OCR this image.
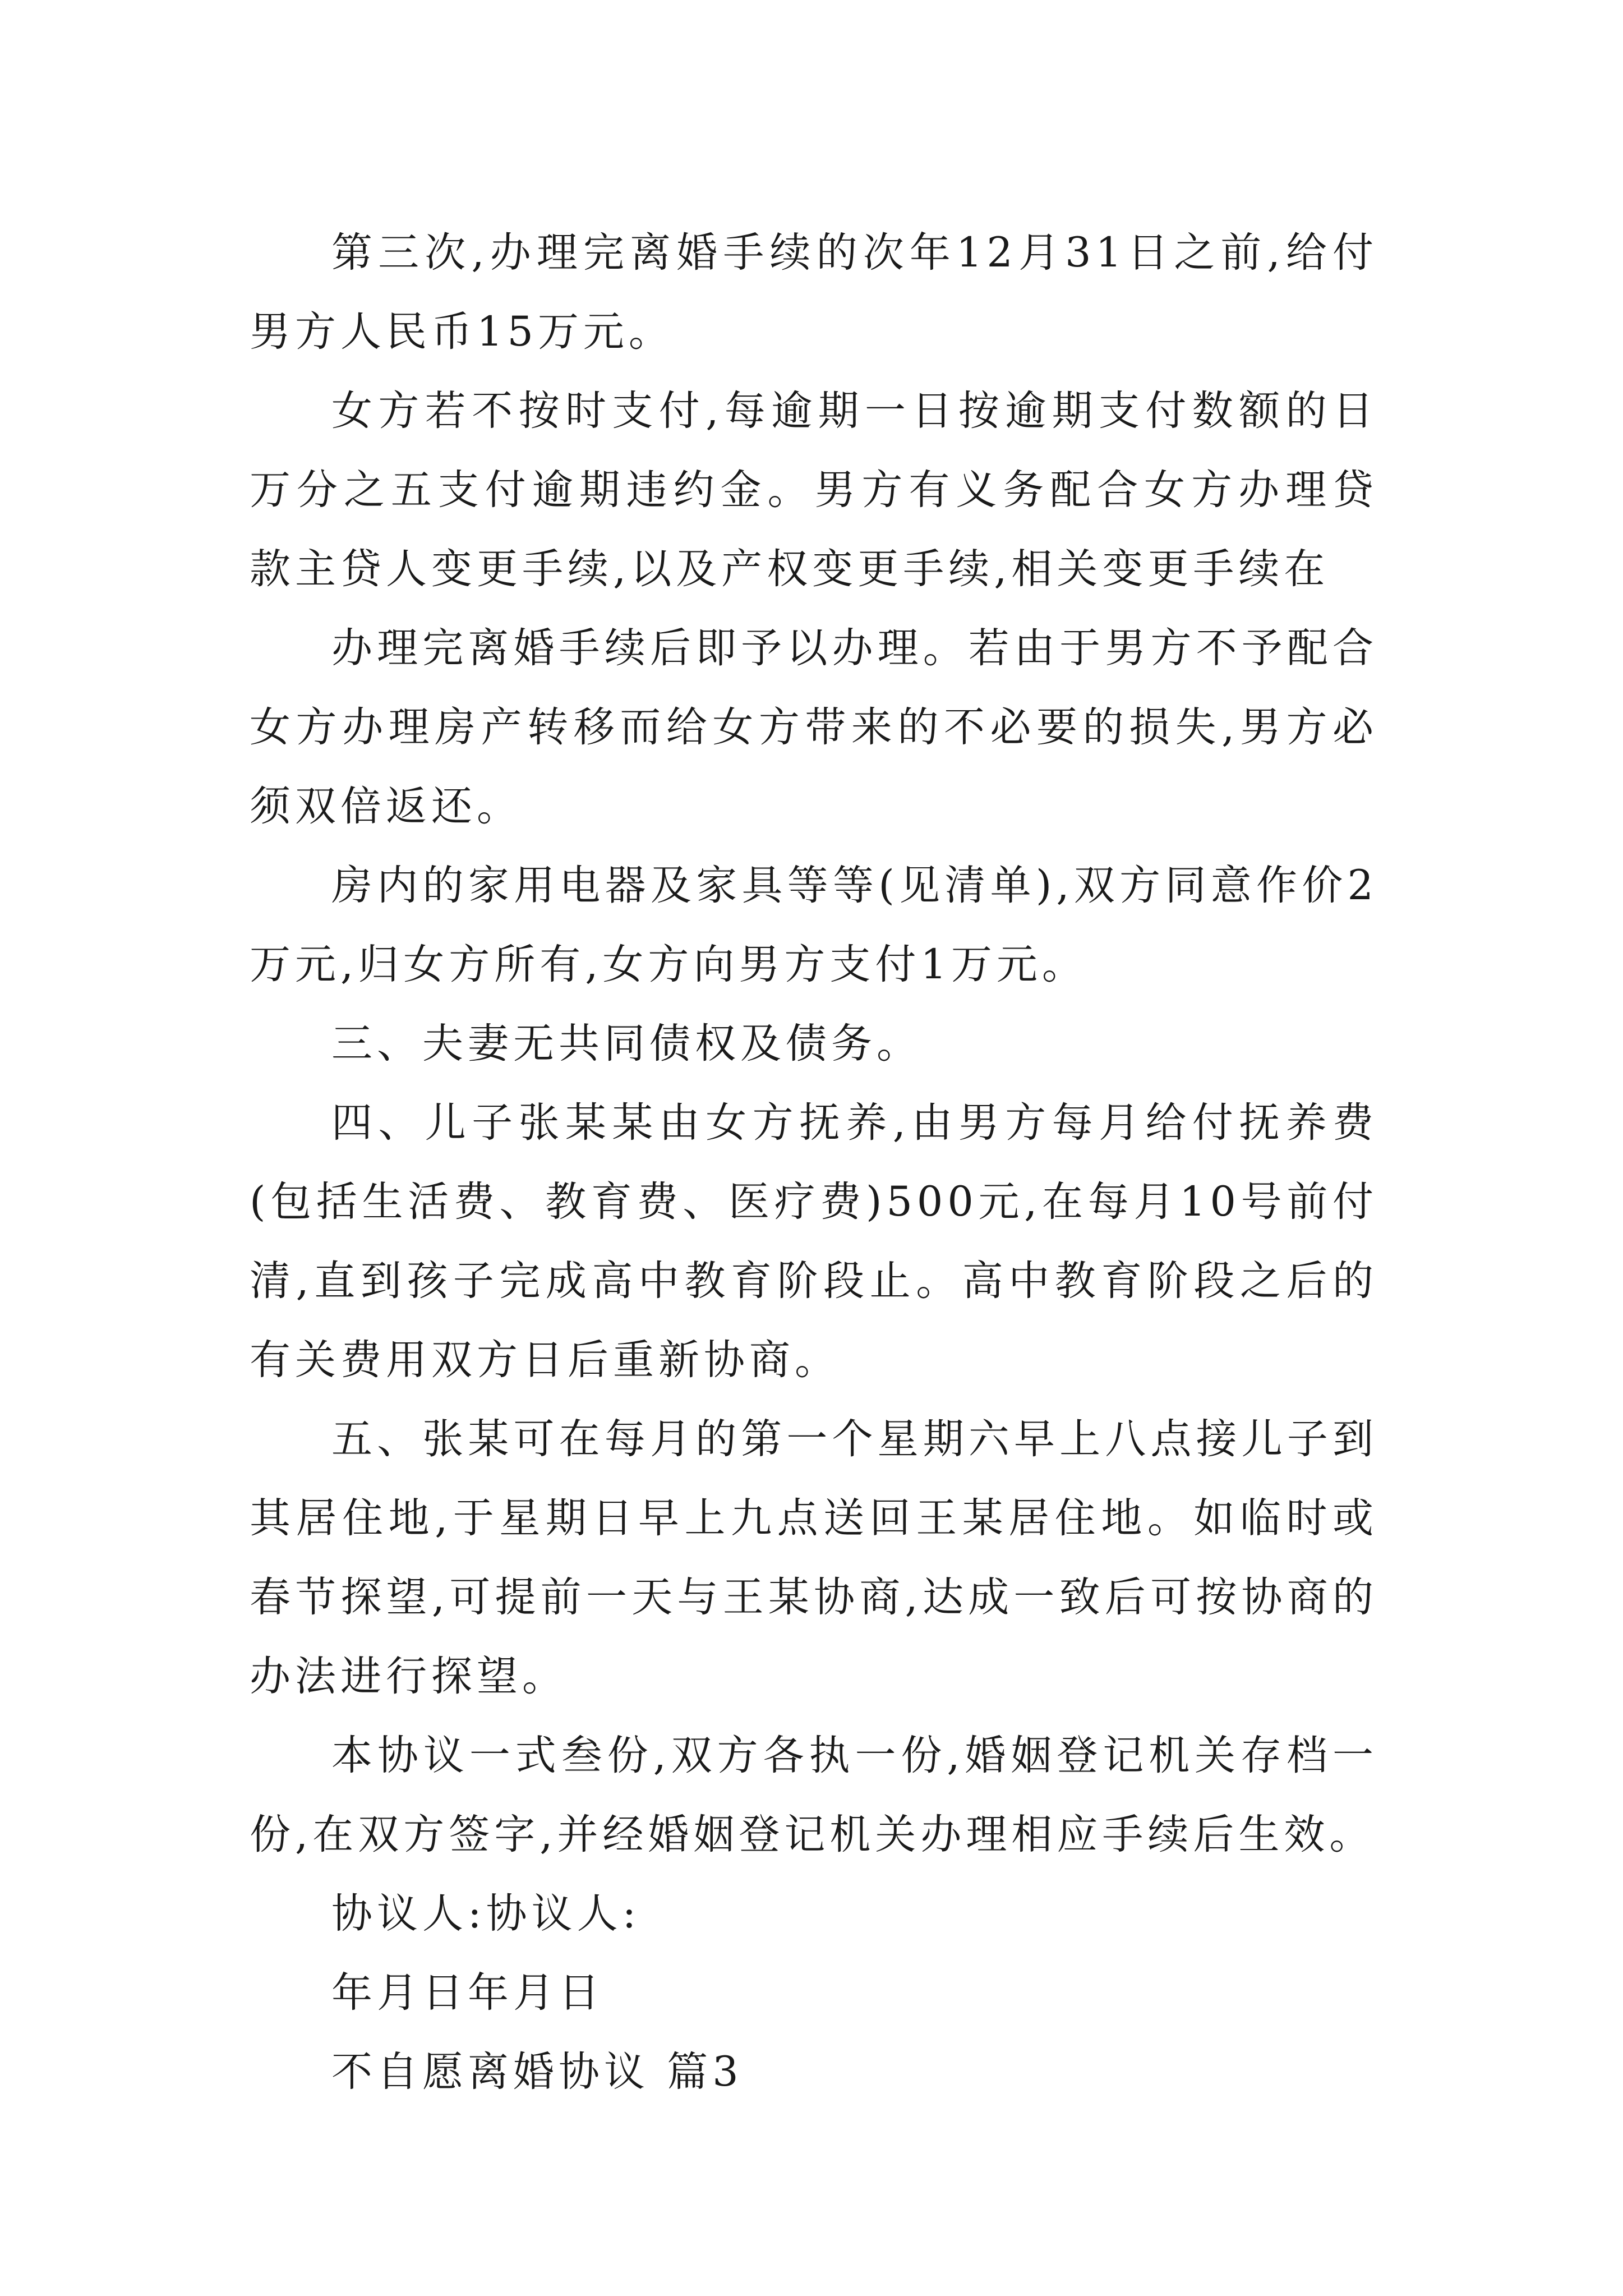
第三次,办理完离婚手续的次年12月31日之前,给付男方人民币15万元。

女方若不按时支付,每逾期一日按逾期支付数额的日万分之五支付逾期违约金。男方有义务配合女方办理贷款主贷人变更手续,以及产权变更手续,相关变更手续在

办理完离婚手续后即予以办理。若由于男方不予配合女方办理房产转移而给女方带来的不必要的损失,男方必须双倍返还。

房内的家用电器及家具等等(见清单),双方同意作价2万元,归女方所有,女方向男方支付1万元。

三、夫妻无共同债权及债务。

四、儿子张某某由女方抚养,由男方每月给付抚养费(包括生活费、教育费、医疗费)500元,在每月10号前付清,直到孩子完成高中教育阶段止。高中教育阶段之后的有关费用双方日后重新协商。

五、张某可在每月的第一个星期六早上八点接儿子到其居住地,于星期日早上九点送回王某居住地。如临时或春节探望,可提前一天与王某协商,达成一致后可按协商的办法进行探望。

本协议一式叁份,双方各执一份,婚姻登记机关存档一份,在双方签字,并经婚姻登记机关办理相应手续后生效。

协议人:协议人:

年月日年月日

不自愿离婚协议 篇3
